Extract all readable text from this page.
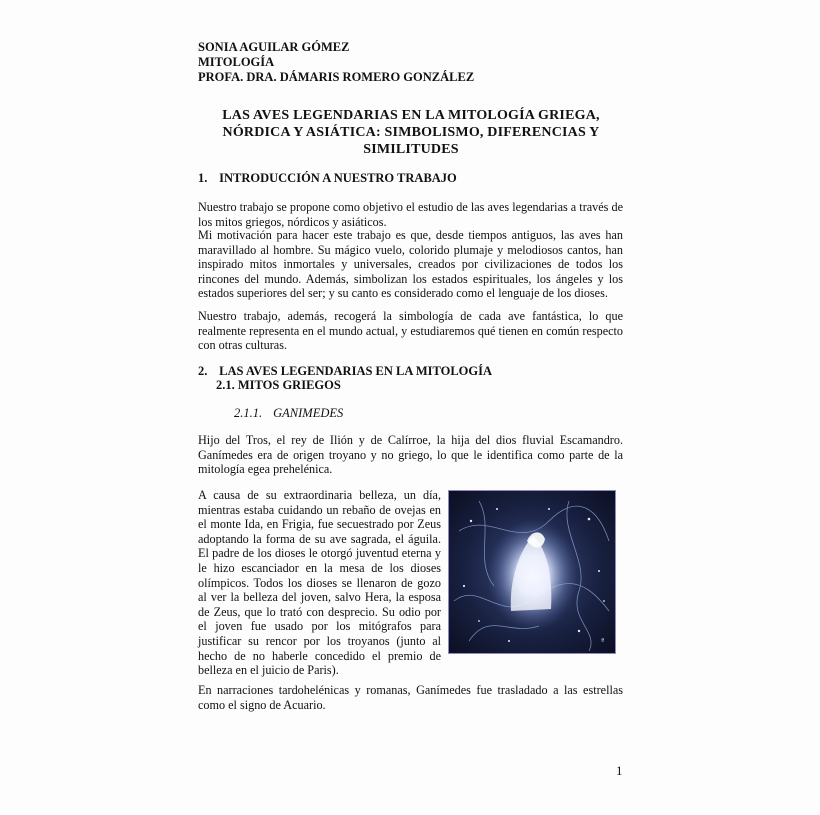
SONIA AGUILAR GÓMEZ
MITOLOGÍA
PROFA. DRA. DÁMARIS ROMERO GONZÁLEZ
LAS AVES LEGENDARIAS EN LA MITOLOGÍA GRIEGA,
NÓRDICA Y ASIÁTICA: SIMBOLISMO, DIFERENCIAS Y
SIMILITUDES
1. INTRODUCCIÓN A NUESTRO TRABAJO
Nuestro trabajo se propone como objetivo el estudio de las aves legendarias a través de los mitos griegos, nórdicos y asiáticos.
Mi motivación para hacer este trabajo es que, desde tiempos antiguos, las aves han maravillado al hombre. Su mágico vuelo, colorido plumaje y melodiosos cantos, han inspirado mitos inmortales y universales, creados por civilizaciones de todos los rincones del mundo. Además, simbolizan los estados espirituales, los ángeles y los estados superiores del ser; y su canto es considerado como el lenguaje de los dioses.
Nuestro trabajo, además, recogerá la simbología de cada ave fantástica, lo que realmente representa en el mundo actual, y estudiaremos qué tienen en común respecto con otras culturas.
2. LAS AVES LEGENDARIAS EN LA MITOLOGÍA
2.1. MITOS GRIEGOS
2.1.1. GANIMEDES
Hijo del Tros, el rey de Ilión y de Calírroe, la hija del dios fluvial Escamandro. Ganímedes era de origen troyano y no griego, lo que le identifica como parte de la mitología egea prehelénica.
A causa de su extraordinaria belleza, un día, mientras estaba cuidando un rebaño de ovejas en el monte Ida, en Frigia, fue secuestrado por Zeus adoptando la forma de su ave sagrada, el águila. El padre de los dioses le otorgó juventud eterna y le hizo escanciador en la mesa de los dioses olímpicos. Todos los dioses se llenaron de gozo al ver la belleza del joven, salvo Hera, la esposa de Zeus, que lo trató con desprecio. Su odio por el joven fue usado por los mitógrafos para justificar su rencor por los troyanos (junto al hecho de no haberle concedido el premio de belleza en el juicio de Paris).
ª
En narraciones tardohelénicas y romanas, Ganímedes fue trasladado a las estrellas como el signo de Acuario.
1
